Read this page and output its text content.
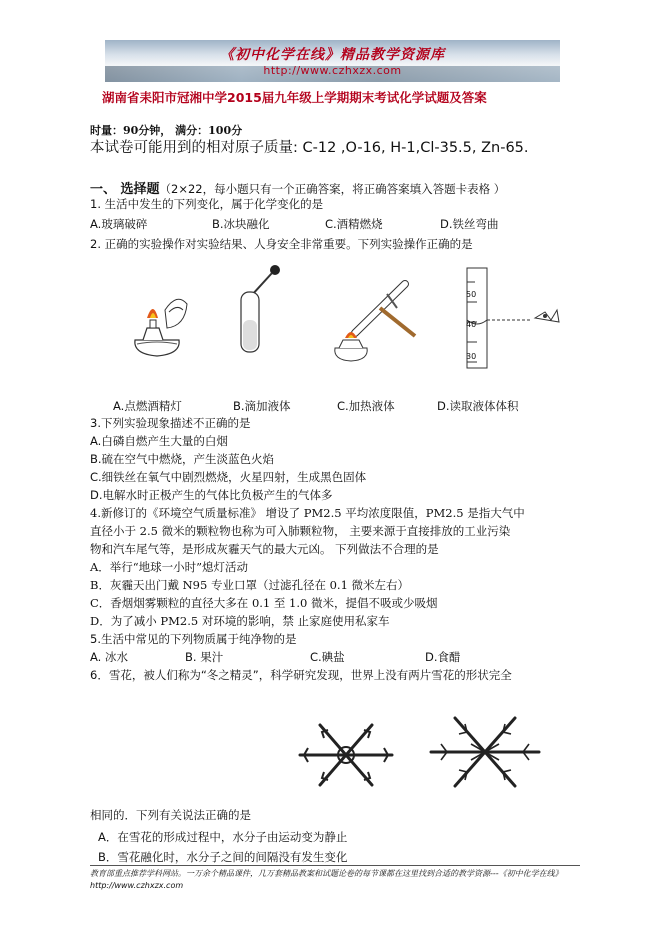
《初中化学在线》精品教学资源库
http://www.czhxzx.com
湖南省耒阳市冠湘中学2015届九年级上学期期末考试化学试题及答案
时量：90分钟， 满分：100分
本试卷可能用到的相对原子质量: C-12 ,O-16, H-1,Cl-35.5, Zn-65.
一、 选择题（2×22，每小题只有一个正确答案，将正确答案填入答题卡表格 ）
1. 生活中发生的下列变化，属于化学变化的是
A.玻璃破碎	B.冰块融化	C.酒精燃烧	D.铁丝弯曲
2. 正确的实验操作对实验结果、人身安全非常重要。下列实验操作正确的是
50
40
30
A.点燃酒精灯	B.滴加液体	C.加热液体	D.读取液体体积
3.下列实验现象描述不正确的是
A.白磷自燃产生大量的白烟
B.硫在空气中燃烧，产生淡蓝色火焰
C.细铁丝在氧气中剧烈燃烧，火星四射，生成黑色固体
D.电解水时正极产生的气体比负极产生的气体多
4.新修订的《环境空气质量标准》 增设了 PM2.5 平均浓度限值，PM2.5 是指大气中
直径小于 2.5 微米的颗粒物也称为可入肺颗粒物， 主要来源于直接排放的工业污染
物和汽车尾气等，是形成灰霾天气的最大元凶。 下列做法不合理的是
A．举行“地球一小时”熄灯活动
B．灰霾天出门戴 N95 专业口罩（过滤孔径在 0.1 微米左右）
C．香烟烟雾颗粒的直径大多在 0.1 至 1.0 微米，提倡不吸或少吸烟
D．为了减小 PM2.5 对环境的影响，禁 止家庭使用私家车
5.生活中常见的下列物质属于纯净物的是
A. 冰水	B. 果汁	C.碘盐	D.食醋
6．雪花，被人们称为“冬之精灵”，科学研究发现，世界上没有两片雪花的形状完全
相同的．下列有关说法正确的是
A．在雪花的形成过程中，水分子由运动变为静止
B．雪花融化时，水分子之间的间隔没有发生变化
教育部重点推荐学科网站。一万余个精品课件，几万套精品教案和试题论卷的每节课都在这里找到合适的教学资源---《初中化学在线》http://www.czhxzx.com
